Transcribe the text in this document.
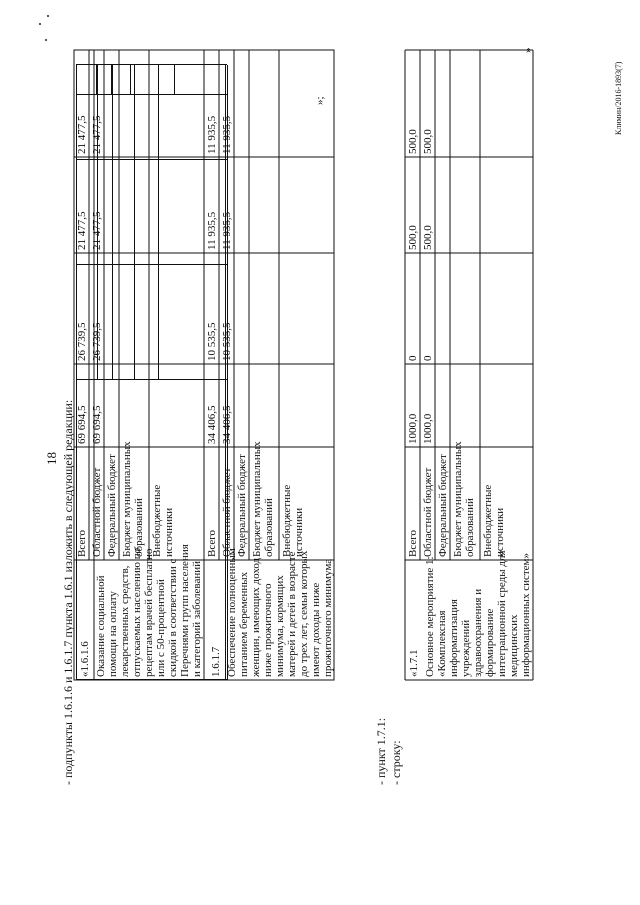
18
Климин/2016-1893(7)
- подпункты 1.6.1.6 и 1.6.1.7 пункта 1.6.1 изложить в следующей редакции: «1.6.1.6 Оказание социальной помощи на оплату лекарственных средств, отпускаемых населению по рецептам врачей бесплатно или с 50-процентной скидкой в соответствии с Перечнями групп населения и категорий заболеваний 1.6.1.7 Обеспечение полноценным питанием беременных женщин, имеющих доход ниже прожиточного минимума, кормящих матерей и детей в возрасте до трех лет, семьи которых имеют доходы ниже прожиточного минимума
Всего
69 694,5
26 739,5
21 477,5
21 477,5
Областной бюджет
69 694,5
26 739,5
21 477,5
21 477,5
Федеральный бюджет Бюджет муниципальных образований Внебюджетные источники	Всего
34 406,5
10 535,5
11 935,5
11 935,5
Областной бюджет
34 406,5
10 535,5
11 935,5
11 935,5
Федеральный бюджет Бюджет муниципальных образований Внебюджетные источники
»;
- пункт 1.7.1: - строку:
«1.7.1 Основное мероприятие 1: «Комплексная информатизация учреждений здравоохранения и формирование интеграционной среды для медицинских информационных систем»
Всего
1000,0
0
500,0
500,0
Областной бюджет
1000,0
0
500,0
500,0
Федеральный бюджет Бюджет муниципальных образований Внебюджетные источники
»
